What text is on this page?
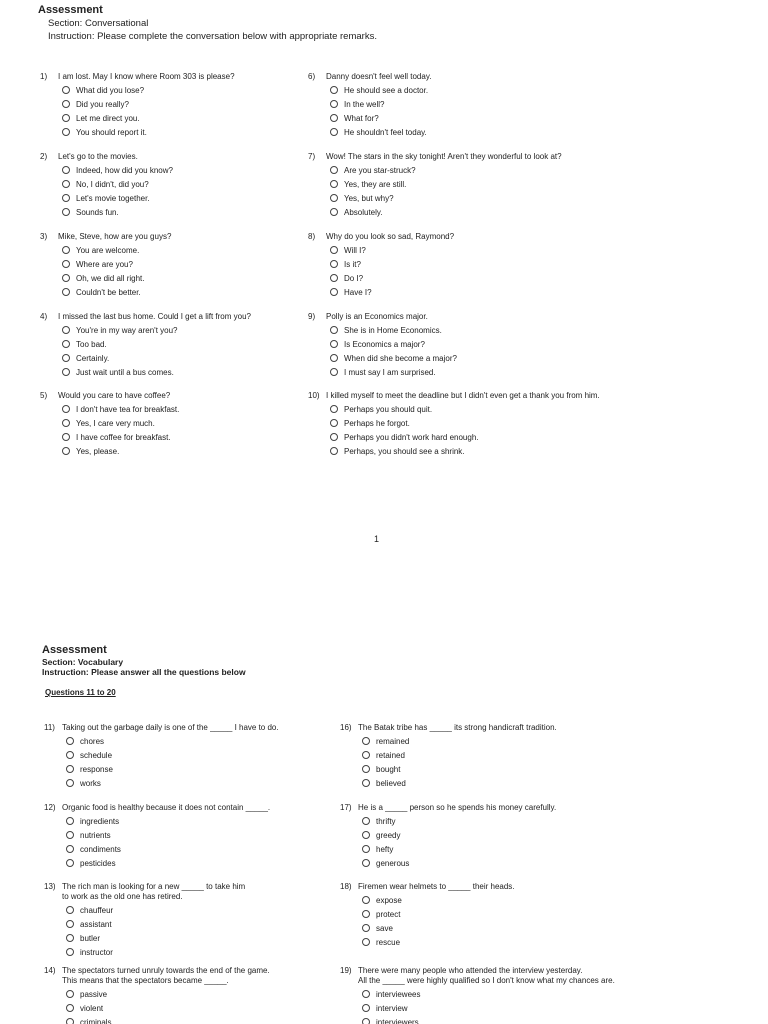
Assessment
Section: Conversational
Instruction: Please complete the conversation below with appropriate remarks.
1
1) I am lost. May I know where Room 303 is please?
What did you lose?
Did you really?
Let me direct you.
You should report it.
2) Let's go to the movies.
Indeed, how did you know?
No, I didn't, did you?
Let's movie together.
Sounds fun.
3) Mike, Steve, how are you guys?
You are welcome.
Where are you?
Oh, we did all right.
Couldn't be better.
4) I missed the last bus home. Could I get a lift from you?
You're in my way aren't you?
Too bad.
Certainly.
Just wait until a bus comes.
5) Would you care to have coffee?
I don't have tea for breakfast.
Yes, I care very much.
I have coffee for breakfast.
Yes, please.
6) Danny doesn't feel well today.
He should see a doctor.
In the well?
What for?
He shouldn't feel today.
7) Wow! The stars in the sky tonight! Aren't they wonderful to look at?
Are you star-struck?
Yes, they are still.
Yes, but why?
Absolutely.
8) Why do you look so sad, Raymond?
Will I?
Is it?
Do I?
Have I?
9) Polly is an Economics major.
She is in Home Economics.
Is Economics a major?
When did she become a major?
I must say I am surprised.
10) I killed myself to meet the deadline but I didn't even get a thank you from him.
Perhaps you should quit.
Perhaps he forgot.
Perhaps you didn't work hard enough.
Perhaps, you should see a shrink.
Assessment
Section: Vocabulary
Instruction: Please answer all the questions below
Questions 11 to 20
11) Taking out the garbage daily is one of the _____ I have to do.
chores
schedule
response
works
12) Organic food is healthy because it does not contain _____.
ingredients
nutrients
condiments
pesticides
13) The rich man is looking for a new _____ to take him
to work as the old one has retired.
chauffeur
assistant
butler
instructor
14) The spectators turned unruly towards the end of the game.
This means that the spectators became _____.
passive
violent
criminals
16) The Batak tribe has _____ its strong handicraft tradition.
remained
retained
bought
believed
17) He is a _____ person so he spends his money carefully.
thrifty
greedy
hefty
generous
18) Firemen wear helmets to _____ their heads.
expose
protect
save
rescue
19) There were many people who attended the interview yesterday.
All the _____ were highly qualified so I don't know what my chances are.
interviewees
interview
interviewers
